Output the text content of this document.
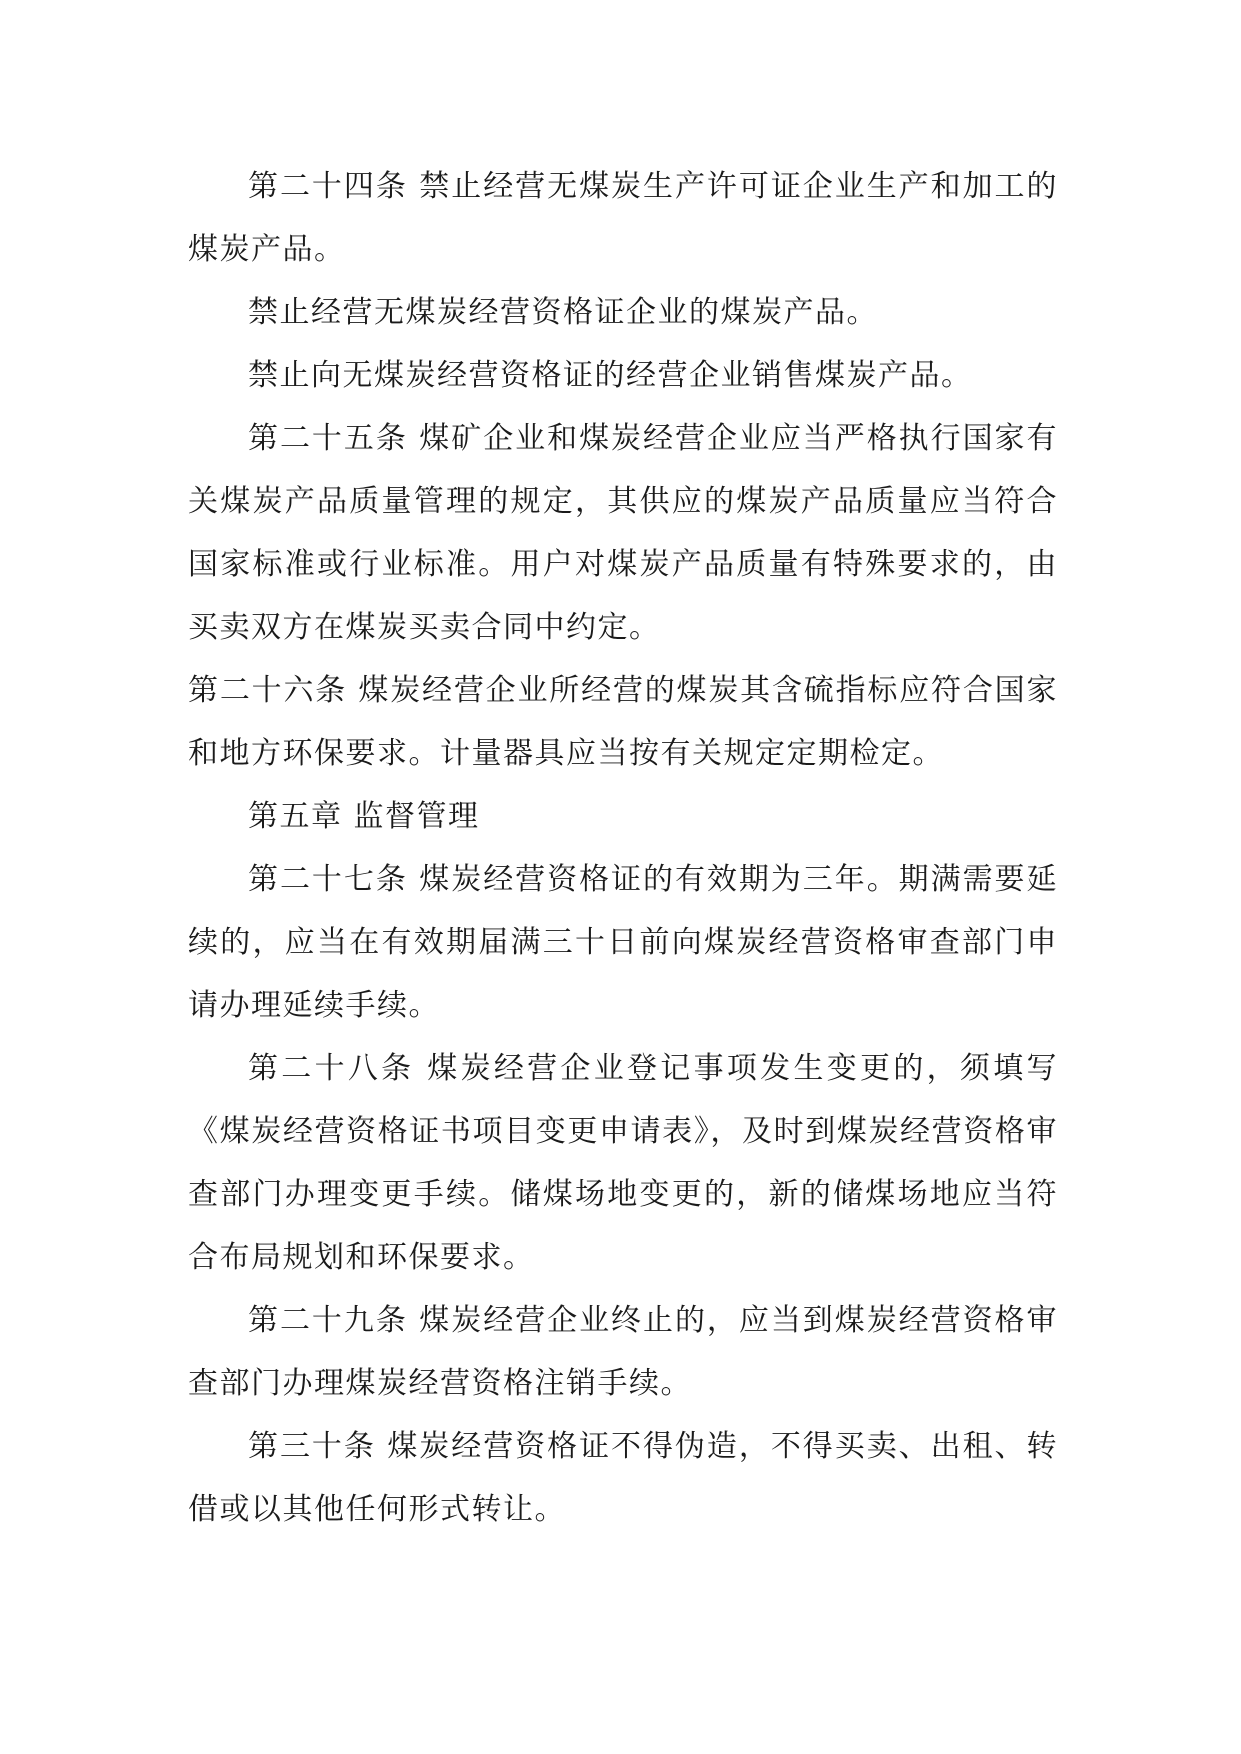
第二十四条 禁止经营无煤炭生产许可证企业生产和加工的煤炭产品。

禁止经营无煤炭经营资格证企业的煤炭产品。

禁止向无煤炭经营资格证的经营企业销售煤炭产品。

第二十五条 煤矿企业和煤炭经营企业应当严格执行国家有关煤炭产品质量管理的规定，其供应的煤炭产品质量应当符合国家标准或行业标准。用户对煤炭产品质量有特殊要求的，由买卖双方在煤炭买卖合同中约定。

第二十六条 煤炭经营企业所经营的煤炭其含硫指标应符合国家和地方环保要求。计量器具应当按有关规定定期检定。

第五章 监督管理

第二十七条 煤炭经营资格证的有效期为三年。期满需要延续的，应当在有效期届满三十日前向煤炭经营资格审查部门申请办理延续手续。

第二十八条 煤炭经营企业登记事项发生变更的，须填写《煤炭经营资格证书项目变更申请表》，及时到煤炭经营资格审查部门办理变更手续。储煤场地变更的，新的储煤场地应当符合布局规划和环保要求。

第二十九条 煤炭经营企业终止的，应当到煤炭经营资格审查部门办理煤炭经营资格注销手续。

第三十条 煤炭经营资格证不得伪造，不得买卖、出租、转借或以其他任何形式转让。
